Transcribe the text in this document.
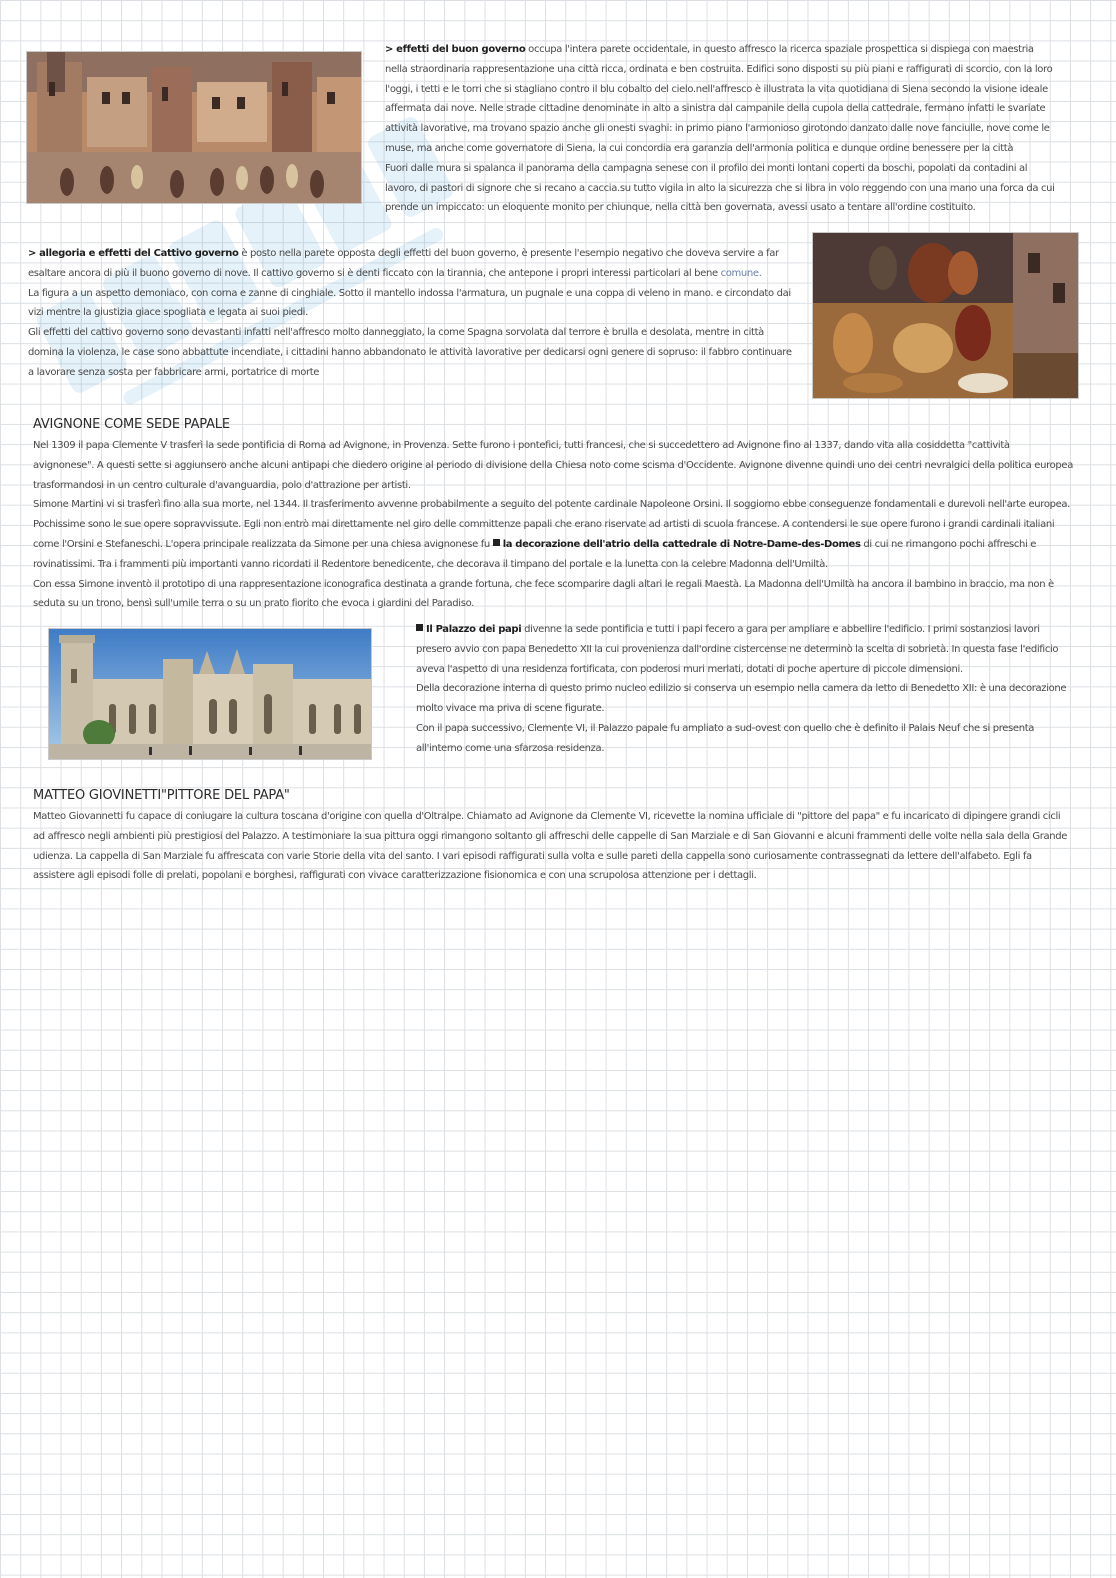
> effetti del buon governo occupa l'intera parete occidentale, in questo affresco la ricerca spaziale prospettica si dispiega con maestria nella straordinaria rappresentazione una città ricca, ordinata e ben costruita. Edifici sono disposti su più piani e raffigurati di scorcio, con la loro l'oggi, i tetti e le torri che si stagliano contro il blu cobalto del cielo.nell'affresco è illustrata la vita quotidiana di Siena secondo la visione ideale affermata dai nove. Nelle strade cittadine denominate in alto a sinistra dal campanile della cupola della cattedrale, fermano infatti le svariate attività lavorative, ma trovano spazio anche gli onesti svaghi: in primo piano l'armonioso girotondo danzato dalle nove fanciulle, nove come le muse, ma anche come governatore di Siena, la cui concordia era garanzia dell'armonia politica e dunque ordine benessere per la città

Fuori dalle mura si spalanca il panorama della campagna senese con il profilo dei monti lontani coperti da boschi, popolati da contadini al lavoro, di pastori di signore che si recano a caccia.su tutto vigila in alto la sicurezza che si libra in volo reggendo con una mano una forca da cui prende un impiccato: un eloquente monito per chiunque, nella città ben governata, avessi usato a tentare all'ordine costituito.

> allegoria e effetti del Cattivo governo è posto nella parete opposta degli effetti del buon governo, è presente l'esempio negativo che doveva servire a far esaltare ancora di più il buono governo di nove. Il cattivo governo si è denti ficcato con la tirannia, che antepone i propri interessi particolari al bene comune.

La figura a un aspetto demoniaco, con corna e zanne di cinghiale. Sotto il mantello indossa l'armatura, un pugnale e una coppa di veleno in mano. e circondato dai vizi mentre la giustizia giace spogliata e legata ai suoi piedi.

Gli effetti del cattivo governo sono devastanti infatti nell'affresco molto danneggiato, la come Spagna sorvolata dal terrore è brulla e desolata, mentre in città domina la violenza, le case sono abbattute incendiate, i cittadini hanno abbandonato le attività lavorative per dedicarsi ogni genere di sopruso: il fabbro continuare a lavorare senza sosta per fabbricare armi, portatrice di morte

AVIGNONE COME SEDE PAPALE

Nel 1309 il papa Clemente V trasferì la sede pontificia di Roma ad Avignone, in Provenza. Sette furono i pontefici, tutti francesi, che si succedettero ad Avignone fino al 1337, dando vita alla cosiddetta "cattività avignonese". A questi sette si aggiunsero anche alcuni antipapi che diedero origine al periodo di divisione della Chiesa noto come scisma d'Occidente. Avignone divenne quindi uno dei centri nevralgici della politica europea trasformandosi in un centro culturale d'avanguardia, polo d'attrazione per artisti.

Simone Martini vi si trasferì fino alla sua morte, nel 1344. Il trasferimento avvenne probabilmente a seguito del potente cardinale Napoleone Orsini. Il soggiorno ebbe conseguenze fondamentali e durevoli nell'arte europea. Pochissime sono le sue opere sopravvissute. Egli non entrò mai direttamente nel giro delle committenze papali che erano riservate ad artisti di scuola francese. A contendersi le sue opere furono i grandi cardinali italiani come l'Orsini e Stefaneschi. L'opera principale realizzata da Simone per una chiesa avignonese fu la decorazione dell'atrio della cattedrale di Notre-Dame-des-Domes di cui ne rimangono pochi affreschi e rovinatissimi. Tra i frammenti più importanti vanno ricordati il Redentore benedicente, che decorava il timpano del portale e la lunetta con la celebre Madonna dell'Umiltà.

Con essa Simone inventò il prototipo di una rappresentazione iconografica destinata a grande fortuna, che fece scomparire dagli altari le regali Maestà. La Madonna dell'Umiltà ha ancora il bambino in braccio, ma non è seduta su un trono, bensì sull'umile terra o su un prato fiorito che evoca i giardini del Paradiso.

Il Palazzo dei papi divenne la sede pontificia e tutti i papi fecero a gara per ampliare e abbellire l'edificio. I primi sostanziosi lavori presero avvio con papa Benedetto XII la cui provenienza dall'ordine cistercense ne determinò la scelta di sobrietà. In questa fase l'edificio aveva l'aspetto di una residenza fortificata, con poderosi muri merlati, dotati di poche aperture di piccole dimensioni.

Della decorazione interna di questo primo nucleo edilizio si conserva un esempio nella camera da letto di Benedetto XII: è una decorazione molto vivace ma priva di scene figurate.

Con il papa successivo, Clemente VI, il Palazzo papale fu ampliato a sud-ovest con quello che è definito il Palais Neuf che si presenta all'interno come una sfarzosa residenza.

MATTEO GIOVINETTI"PITTORE DEL PAPA"

Matteo Giovannetti fu capace di coniugare la cultura toscana d'origine con quella d'Oltralpe. Chiamato ad Avignone da Clemente VI, ricevette la nomina ufficiale di "pittore del papa" e fu incaricato di dipingere grandi cicli ad affresco negli ambienti più prestigiosi del Palazzo. A testimoniare la sua pittura oggi rimangono soltanto gli affreschi delle cappelle di San Marziale e di San Giovanni e alcuni frammenti delle volte nella sala della Grande udienza. La cappella di San Marziale fu affrescata con varie Storie della vita del santo. I vari episodi raffigurati sulla volta e sulle pareti della cappella sono curiosamente contrassegnati da lettere dell'alfabeto. Egli fa assistere agli episodi folle di prelati, popolani e borghesi, raffigurati con vivace caratterizzazione fisionomica e con una scrupolosa attenzione per i dettagli.
